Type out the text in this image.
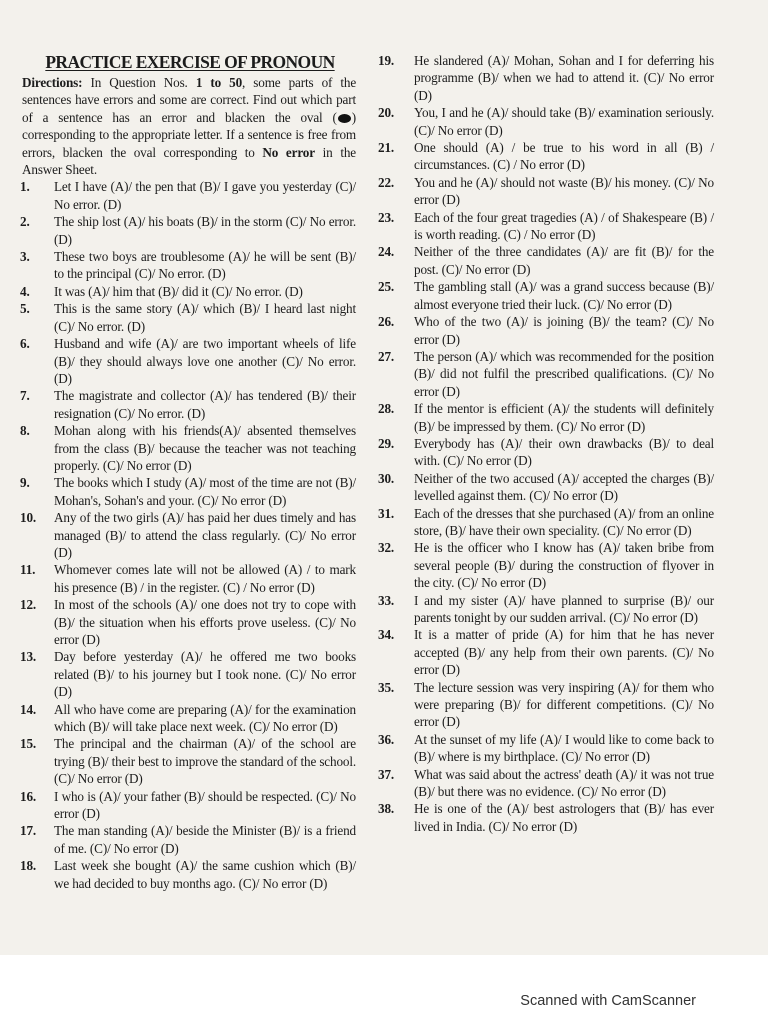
PRACTICE EXERCISE OF PRONOUN

Directions: In Question Nos. 1 to 50, some parts of the sentences have errors and some are correct. Find out which part of a sentence has an error and blacken the oval ( ) corresponding to the appropriate letter. If a sentence is free from errors, blacken the oval corresponding to No error in the Answer Sheet.

1.	Let I have (A)/ the pen that (B)/ I gave you yesterday (C)/ No error. (D)
2.	The ship lost (A)/ his boats (B)/ in the storm (C)/ No error. (D)
3.	These two boys are troublesome (A)/ he will be sent (B)/ to the principal (C)/ No error. (D)
4.	It was (A)/ him that (B)/ did it (C)/ No error. (D)
5.	This is the same story (A)/ which (B)/ I heard last night (C)/ No error. (D)
6.	Husband and wife (A)/ are two important wheels of life (B)/ they should always love one another (C)/ No error. (D)
7.	The magistrate and collector (A)/ has tendered (B)/ their resignation (C)/ No error. (D)
8.	Mohan along with his friends(A)/ absented themselves from the class (B)/ because the teacher was not teaching properly. (C)/ No error (D)
9.	The books which I study (A)/ most of the time are not (B)/ Mohan's, Sohan's and your. (C)/ No error (D)
10.	Any of the two girls (A)/ has paid her dues timely and has managed (B)/ to attend the class regularly. (C)/ No error (D)
11.	Whomever comes late will not be allowed (A) / to mark his presence (B) / in the register. (C) / No error (D)
12.	In most of the schools (A)/ one does not try to cope with (B)/ the situation when his efforts prove useless. (C)/ No error (D)
13.	Day before yesterday (A)/ he offered me two books related (B)/ to his journey but I took none. (C)/ No error (D)
14.	All who have come are preparing (A)/ for the examination which (B)/ will take place next week. (C)/ No error (D)
15.	The principal and the chairman (A)/ of the school are trying (B)/ their best to improve the standard of the school. (C)/ No error (D)
16.	I who is (A)/ your father (B)/ should be respected. (C)/ No error (D)
17.	The man standing (A)/ beside the Minister (B)/ is a friend of me. (C)/ No error (D)
18.	Last week she bought (A)/ the same cushion which (B)/ we had decided to buy months ago. (C)/ No error (D)
19.	He slandered (A)/ Mohan, Sohan and I for deferring his programme (B)/ when we had to attend it. (C)/ No error (D)
20.	You, I and he (A)/ should take (B)/ examination seriously. (C)/ No error (D)
21.	One should (A) / be true to his word in all (B) / circumstances. (C) / No error (D)
22.	You and he (A)/ should not waste (B)/ his money. (C)/ No error (D)
23.	Each of the four great tragedies (A) / of Shakespeare (B) / is worth reading. (C) / No error (D)
24.	Neither of the three candidates (A)/ are fit (B)/ for the post. (C)/ No error (D)
25.	The gambling stall (A)/ was a grand success because (B)/ almost everyone tried their luck. (C)/ No error (D)
26.	Who of the two (A)/ is joining (B)/ the team? (C)/ No error (D)
27.	The person (A)/ which was recommended for the position (B)/ did not fulfil the prescribed qualifications. (C)/ No error (D)
28.	If the mentor is efficient (A)/ the students will definitely (B)/ be impressed by them. (C)/ No error (D)
29.	Everybody has (A)/ their own drawbacks (B)/ to deal with. (C)/ No error (D)
30.	Neither of the two accused (A)/ accepted the charges (B)/ levelled against them. (C)/ No error (D)
31.	Each of the dresses that she purchased (A)/ from an online store, (B)/ have their own speciality. (C)/ No error (D)
32.	He is the officer who I know has (A)/ taken bribe from several people (B)/ during the construction of flyover in the city. (C)/ No error (D)
33.	I and my sister (A)/ have planned to surprise (B)/ our parents tonight by our sudden arrival. (C)/ No error (D)
34.	It is a matter of pride (A) for him that he has never accepted (B)/ any help from their own parents. (C)/ No error (D)
35.	The lecture session was very inspiring (A)/ for them who were preparing (B)/ for different competitions. (C)/ No error (D)
36.	At the sunset of my life (A)/ I would like to come back to (B)/ where is my birthplace. (C)/ No error (D)
37.	What was said about the actress' death (A)/ it was not true (B)/ but there was no evidence. (C)/ No error (D)
38.	He is one of the (A)/ best astrologers that (B)/ has ever lived in India. (C)/ No error (D)
Scanned with CamScanner
